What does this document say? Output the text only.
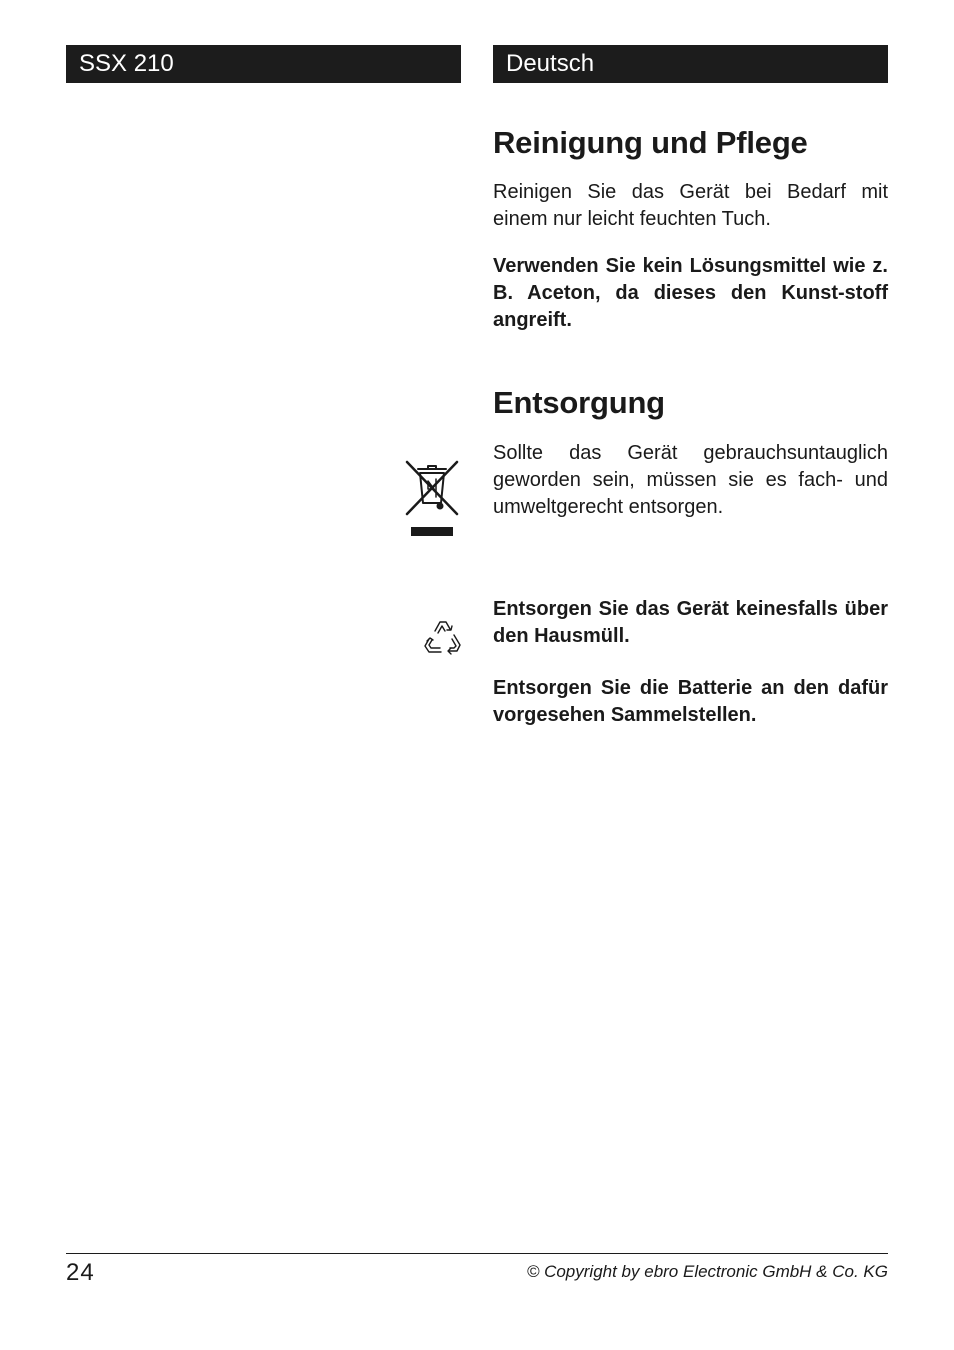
SSX 210	Deutsch
Reinigung und Pflege

Reinigen Sie das Gerät bei Bedarf mit einem nur leicht feuchten Tuch.

Verwenden Sie kein Lösungsmittel wie z. B. Aceton, da dieses den Kunst-stoff angreift.

Entsorgung

Sollte das Gerät gebrauchsuntauglich geworden sein, müssen sie es fach- und umweltgerecht entsorgen.

Entsorgen Sie das Gerät keinesfalls über den Hausmüll.

Entsorgen Sie die Batterie an den dafür vorgesehen Sammelstellen.

24	© Copyright by ebro Electronic GmbH & Co. KG
